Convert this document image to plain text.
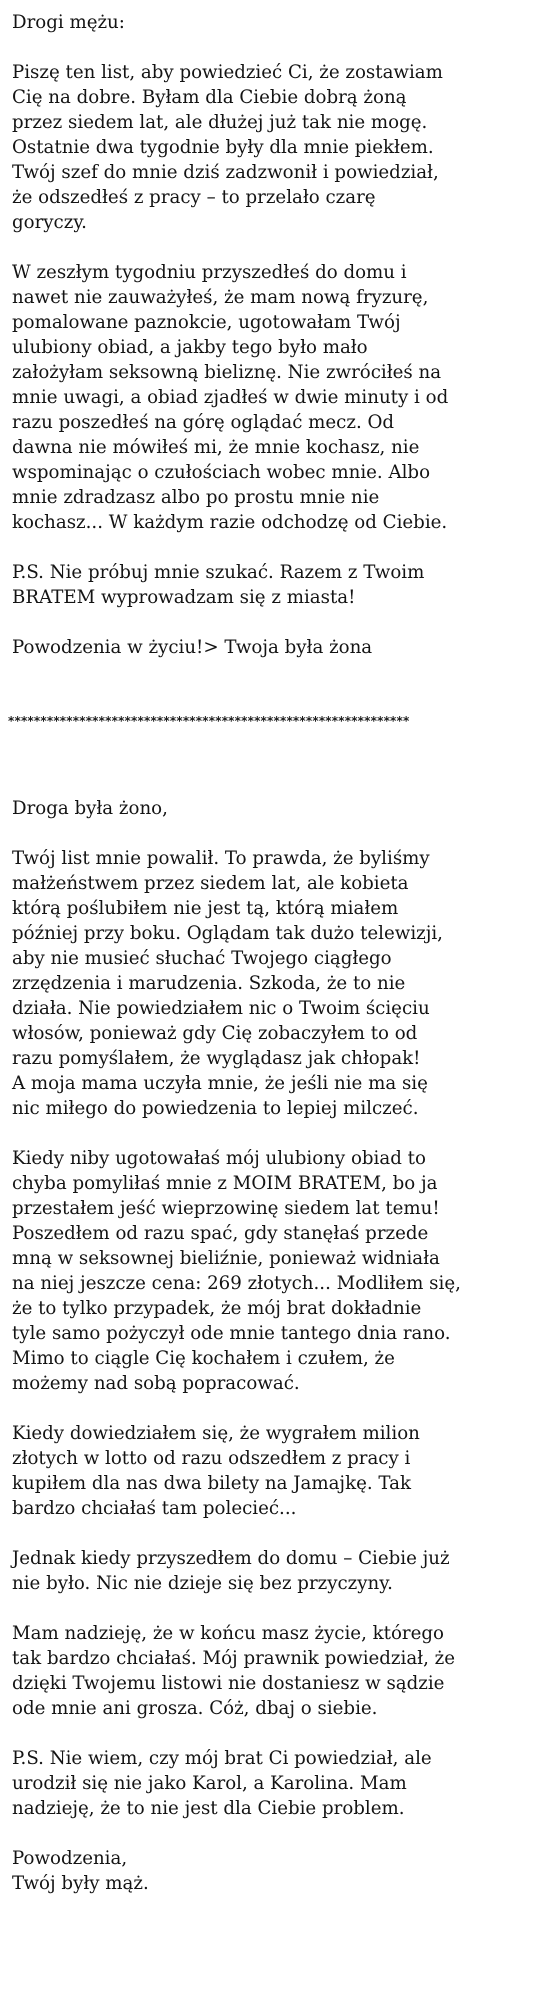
Drogi mężu:

Piszę ten list, aby powiedzieć Ci, że zostawiam
Cię na dobre. Byłam dla Ciebie dobrą żoną
przez siedem lat, ale dłużej już tak nie mogę.
Ostatnie dwa tygodnie były dla mnie piekłem.
Twój szef do mnie dziś zadzwonił i powiedział,
że odszedłeś z pracy – to przelało czarę
goryczy.

W zeszłym tygodniu przyszedłeś do domu i
nawet nie zauważyłeś, że mam nową fryzurę,
pomalowane paznokcie, ugotowałam Twój
ulubiony obiad, a jakby tego było mało
założyłam seksowną bieliznę. Nie zwróciłeś na
mnie uwagi, a obiad zjadłeś w dwie minuty i od
razu poszedłeś na górę oglądać mecz. Od
dawna nie mówiłeś mi, że mnie kochasz, nie
wspominając o czułościach wobec mnie. Albo
mnie zdradzasz albo po prostu mnie nie
kochasz... W każdym razie odchodzę od Ciebie.

P.S. Nie próbuj mnie szukać. Razem z Twoim
BRATEM wyprowadzam się z miasta!

Powodzenia w życiu!> Twoja była żona

**************************************************************

Droga była żono,

Twój list mnie powalił. To prawda, że byliśmy
małżeństwem przez siedem lat, ale kobieta
którą poślubiłem nie jest tą, którą miałem
później przy boku. Oglądam tak dużo telewizji,
aby nie musieć słuchać Twojego ciągłego
zrzędzenia i marudzenia. Szkoda, że to nie
działa. Nie powiedziałem nic o Twoim ścięciu
włosów, ponieważ gdy Cię zobaczyłem to od
razu pomyślałem, że wyglądasz jak chłopak!
A moja mama uczyła mnie, że jeśli nie ma się
nic miłego do powiedzenia to lepiej milczeć.

Kiedy niby ugotowałaś mój ulubiony obiad to
chyba pomyliłaś mnie z MOIM BRATEM, bo ja
przestałem jeść wieprzowinę siedem lat temu!
Poszedłem od razu spać, gdy stanęłaś przede
mną w seksownej bieliźnie, ponieważ widniała
na niej jeszcze cena: 269 złotych... Modliłem się,
że to tylko przypadek, że mój brat dokładnie
tyle samo pożyczył ode mnie tantego dnia rano.
Mimo to ciągle Cię kochałem i czułem, że
możemy nad sobą popracować.

Kiedy dowiedziałem się, że wygrałem milion
złotych w lotto od razu odszedłem z pracy i
kupiłem dla nas dwa bilety na Jamajkę. Tak
bardzo chciałaś tam polecieć...

Jednak kiedy przyszedłem do domu – Ciebie już
nie było. Nic nie dzieje się bez przyczyny.

Mam nadzieję, że w końcu masz życie, którego
tak bardzo chciałaś. Mój prawnik powiedział, że
dzięki Twojemu listowi nie dostaniesz w sądzie
ode mnie ani grosza. Cóż, dbaj o siebie.

P.S. Nie wiem, czy mój brat Ci powiedział, ale
urodził się nie jako Karol, a Karolina. Mam
nadzieję, że to nie jest dla Ciebie problem.

Powodzenia,
Twój były mąż.
